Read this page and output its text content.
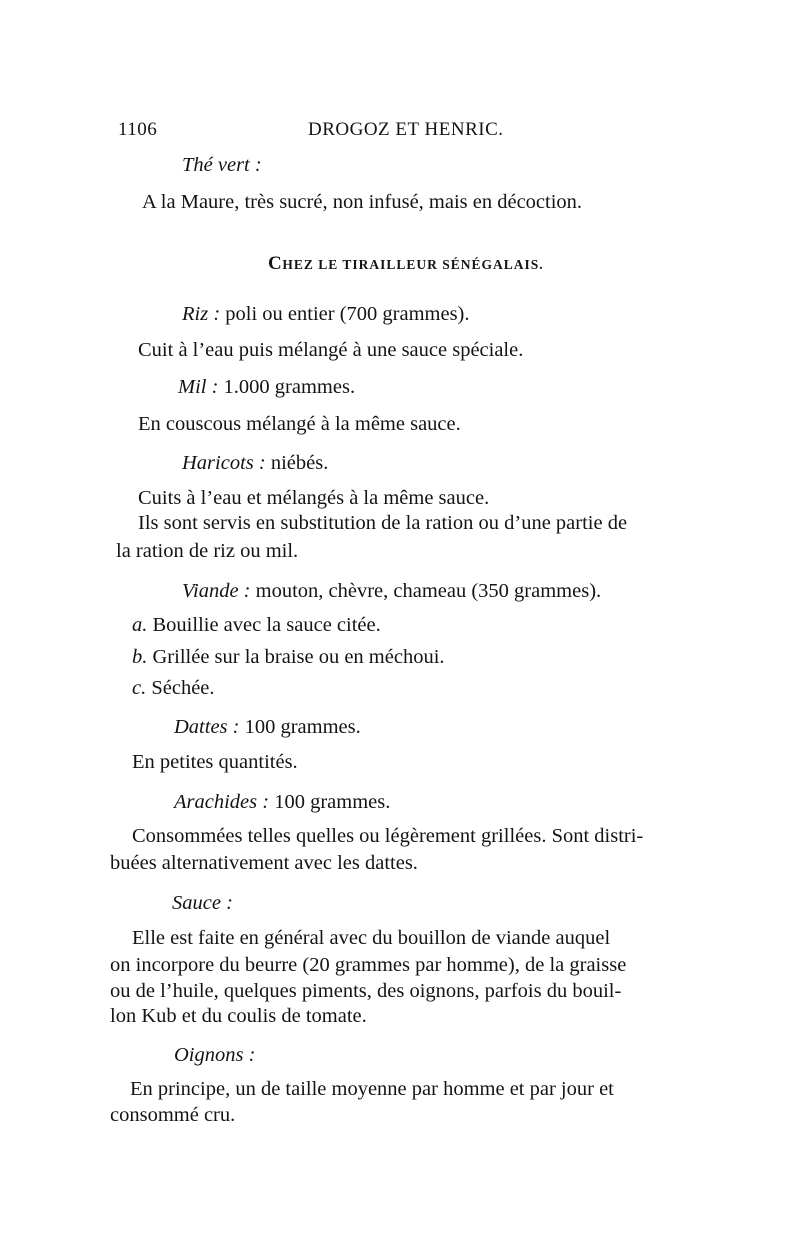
1106	DROGOZ ET HENRIC.
Thé vert :
A la Maure, très sucré, non infusé, mais en décoction.
CHEZ LE TIRAILLEUR SÉNÉGALAIS.
Riz : poli ou entier (700 grammes).
Cuit à l’eau puis mélangé à une sauce spéciale.
Mil : 1.000 grammes.
En couscous mélangé à la même sauce.
Haricots : niébés.
Cuits à l’eau et mélangés à la même sauce.
Ils sont servis en substitution de la ration ou d’une partie de
la ration de riz ou mil.
Viande : mouton, chèvre, chameau (350 grammes).
a. Bouillie avec la sauce citée.
b. Grillée sur la braise ou en méchoui.
c. Séchée.
Dattes : 100 grammes.
En petites quantités.
Arachides : 100 grammes.
Consommées telles quelles ou légèrement grillées. Sont distri-
buées alternativement avec les dattes.
Sauce :
Elle est faite en général avec du bouillon de viande auquel
on incorpore du beurre (20 grammes par homme), de la graisse
ou de l’huile, quelques piments, des oignons, parfois du bouil-
lon Kub et du coulis de tomate.
Oignons :
En principe, un de taille moyenne par homme et par jour et
consommé cru.
